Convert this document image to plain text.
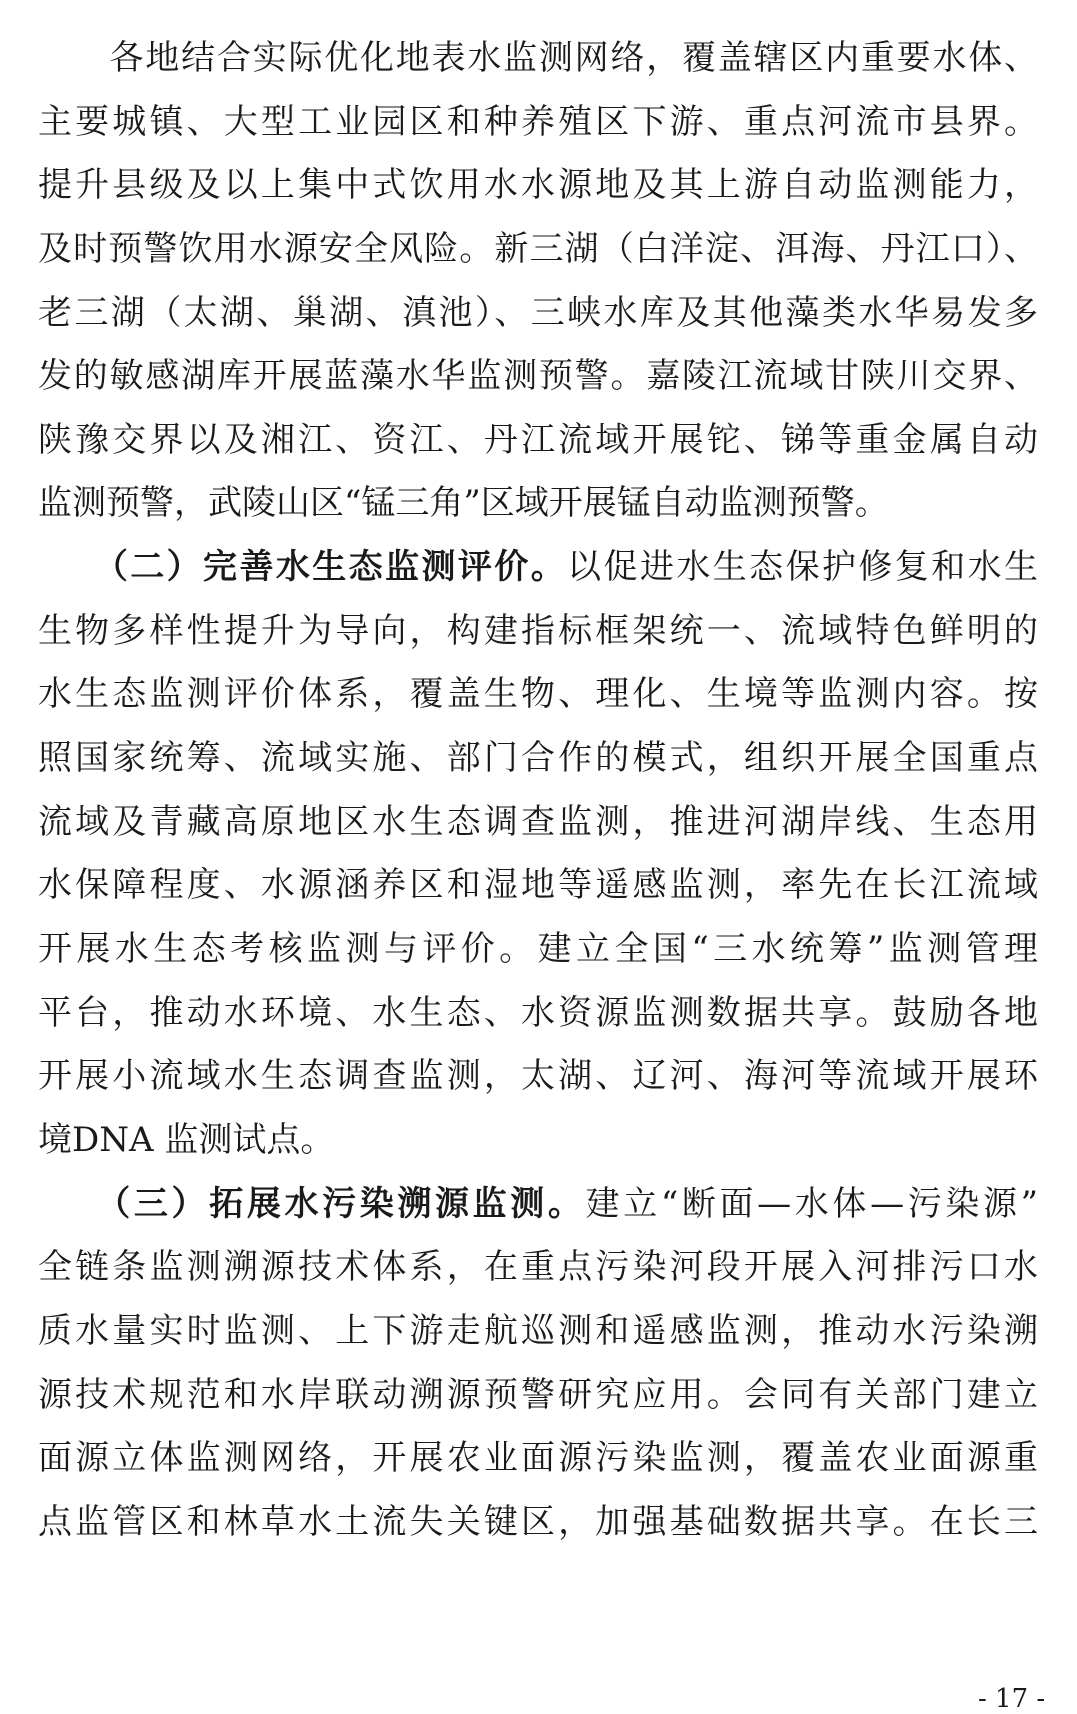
　　各地结合实际优化地表水监测网络，覆盖辖区内重要水体、
主要城镇、大型工业园区和种养殖区下游、重点河流市县界。
提升县级及以上集中式饮用水水源地及其上游自动监测能力，
及时预警饮用水源安全风险。新三湖（白洋淀、洱海、丹江口）、
老三湖（太湖、巢湖、滇池）、三峡水库及其他藻类水华易发多
发的敏感湖库开展蓝藻水华监测预警。嘉陵江流域甘陕川交界、
陕豫交界以及湘江、资江、丹江流域开展铊、锑等重金属自动
监测预警，武陵山区“锰三角”区域开展锰自动监测预警。
　　（二）完善水生态监测评价。以促进水生态保护修复和水生
生物多样性提升为导向，构建指标框架统一、流域特色鲜明的
水生态监测评价体系，覆盖生物、理化、生境等监测内容。按
照国家统筹、流域实施、部门合作的模式，组织开展全国重点
流域及青藏高原地区水生态调查监测，推进河湖岸线、生态用
水保障程度、水源涵养区和湿地等遥感监测，率先在长江流域
开展水生态考核监测与评价。建立全国“三水统筹”监测管理
平台，推动水环境、水生态、水资源监测数据共享。鼓励各地
开展小流域水生态调查监测，太湖、辽河、海河等流域开展环
境DNA 监测试点。
　　（三）拓展水污染溯源监测。建立“断面—水体—污染源”
全链条监测溯源技术体系，在重点污染河段开展入河排污口水
质水量实时监测、上下游走航巡测和遥感监测，推动水污染溯
源技术规范和水岸联动溯源预警研究应用。会同有关部门建立
面源立体监测网络，开展农业面源污染监测，覆盖农业面源重
点监管区和林草水土流失关键区，加强基础数据共享。在长三
- 17 -
